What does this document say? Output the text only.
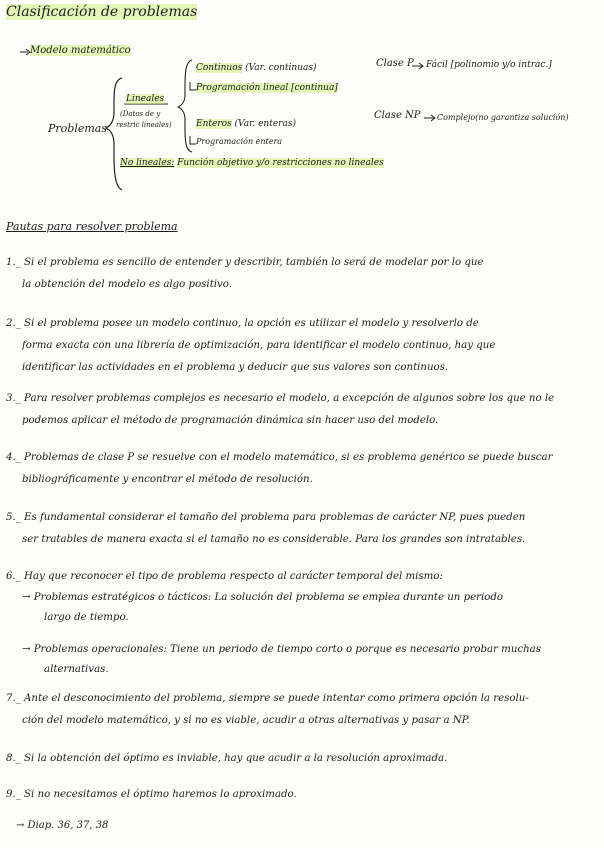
Clasificación de problemas
Modelo matemático
Problemas
Lineales
(Datos de y
restric lineales)
Continuos (Var. continuas)
Programación lineal [continua]
Enteros (Var. enteras)
Programación entera
No lineales: Función objetivo y/o restricciones no lineales
Clase P Fácil [polinomio y/o intrac.]
Clase NP Complejo(no garantiza solución)
Pautas para resolver problema
1._ Si el problema es sencillo de entender y describir, también lo será de modelar por lo que
la obtención del modelo es algo positivo.
2._ Si el problema posee un modelo continuo, la opción es utilizar el modelo y resolverlo de
forma exacta con una librería de optimización, para identificar el modelo continuo, hay que
identificar las actividades en el problema y deducir que sus valores son continuos.
3._ Para resolver problemas complejos es necesario el modelo, a excepción de algunos sobre los que no le
podemos aplicar el método de programación dinámica sin hacer uso del modelo.
4._ Problemas de clase P se resuelve con el modelo matemático, si es problema genérico se puede buscar
bibliográficamente y encontrar el método de resolución.
5._ Es fundamental considerar el tamaño del problema para problemas de carácter NP, pues pueden
ser tratables de manera exacta si el tamaño no es considerable. Para los grandes son intratables.
6._ Hay que reconocer el tipo de problema respecto al carácter temporal del mismo:
→ Problemas estratégicos o tácticos: La solución del problema se emplea durante un periodo
largo de tiempo.
→ Problemas operacionales: Tiene un periodo de tiempo corto o porque es necesario probar muchas
alternativas.
7._ Ante el desconocimiento del problema, siempre se puede intentar como primera opción la resolu-
ción del modelo matemático, y si no es viable, acudir a otras alternativas y pasar a NP.
8._ Si la obtención del óptimo es inviable, hay que acudir a la resolución aproximada.
9._ Si no necesitamos el óptimo haremos lo aproximado.
→ Diap. 36, 37, 38
